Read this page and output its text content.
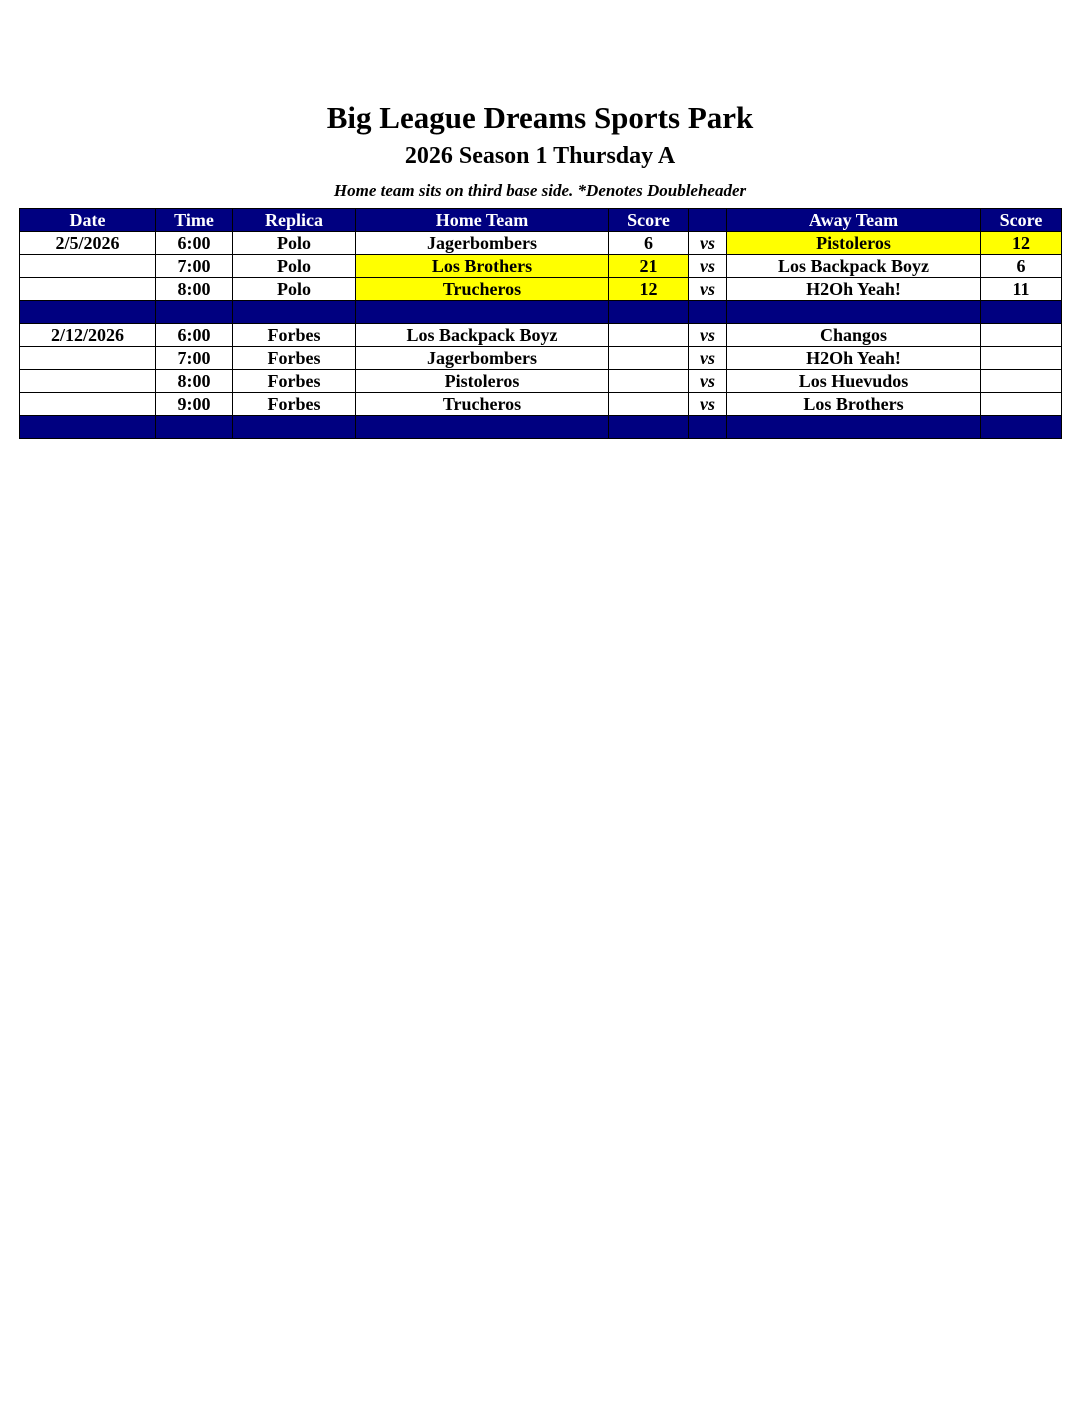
Big League Dreams Sports Park
2026 Season 1 Thursday A
Home team sits on third base side. *Denotes Doubleheader
Date	Time	Replica	Home Team	Score		Away Team	Score
2/5/2026	6:00	Polo	Jagerbombers	6	vs	Pistoleros	12
	7:00	Polo	Los Brothers	21	vs	Los Backpack Boyz	6
	8:00	Polo	Trucheros	12	vs	H2Oh Yeah!	11

2/12/2026	6:00	Forbes	Los Backpack Boyz		vs	Changos	
	7:00	Forbes	Jagerbombers		vs	H2Oh Yeah!	
	8:00	Forbes	Pistoleros		vs	Los Huevudos	
	9:00	Forbes	Trucheros		vs	Los Brothers	
